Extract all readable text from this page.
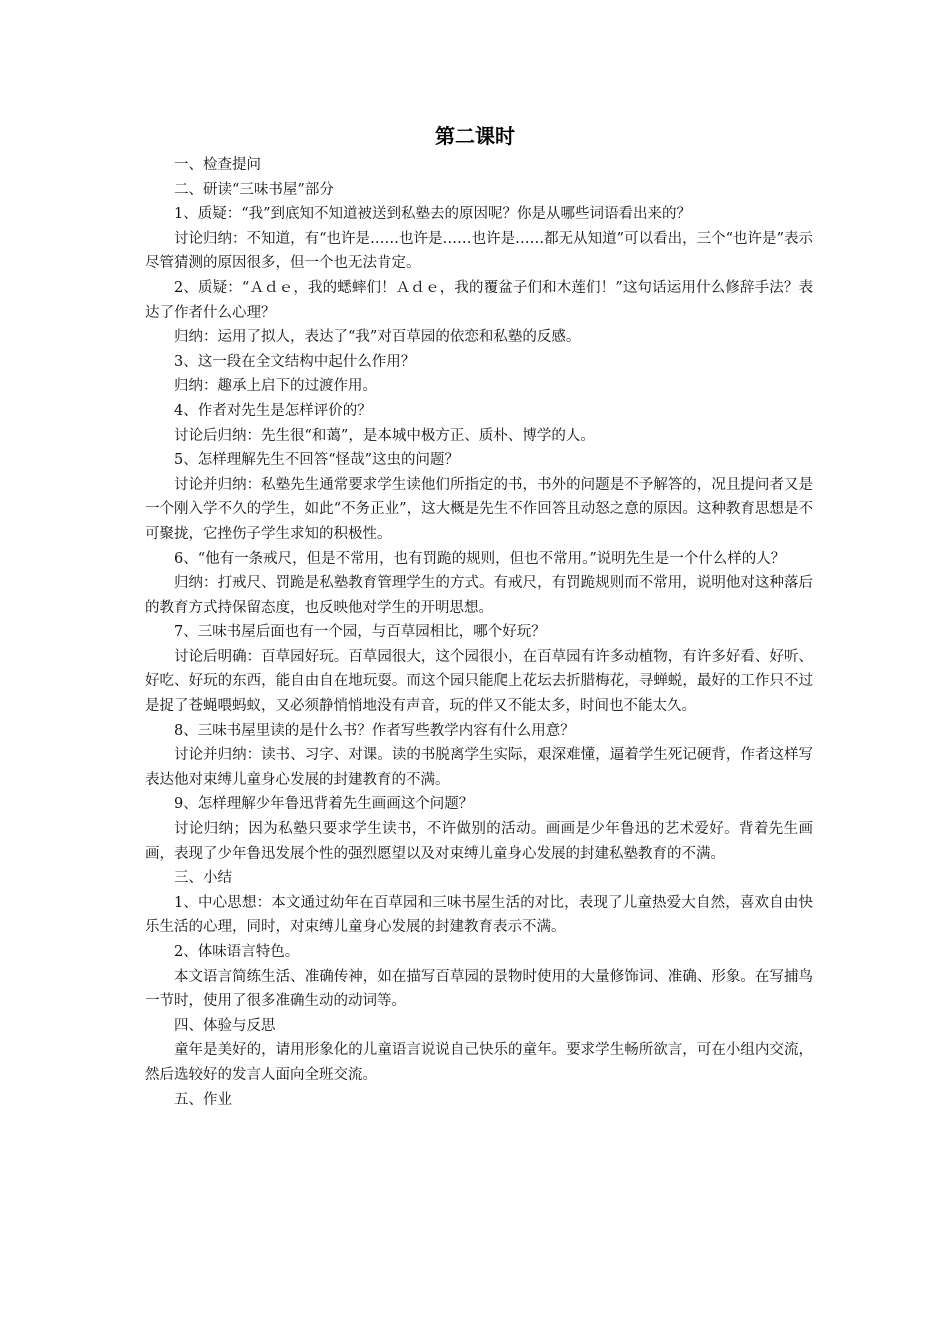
第二课时

一、检查提问

二、研读“三味书屋”部分

1、质疑：“我”到底知不知道被送到私塾去的原因呢？你是从哪些词语看出来的？

讨论归纳：不知道，有“也许是……也许是……也许是……都无从知道”可以看出，三个“也许是”表示尽管猜测的原因很多，但一个也无法肯定。

2、质疑：“Ａｄｅ，我的蟋蟀们！Ａｄｅ，我的覆盆子们和木莲们！”这句话运用什么修辞手法？表达了作者什么心理？

归纳：运用了拟人，表达了“我”对百草园的依恋和私塾的反感。

3、这一段在全文结构中起什么作用？

归纳：趣承上启下的过渡作用。

4、作者对先生是怎样评价的？

讨论后归纳：先生很“和蔼”，是本城中极方正、质朴、博学的人。

5、怎样理解先生不回答“怪哉”这虫的问题？

讨论并归纳：私塾先生通常要求学生读他们所指定的书，书外的问题是不予解答的，况且提问者又是一个刚入学不久的学生，如此“不务正业”，这大概是先生不作回答且动怒之意的原因。这种教育思想是不可聚拢，它挫伤子学生求知的积极性。

6、“他有一条戒尺，但是不常用，也有罚跪的规则，但也不常用。”说明先生是一个什么样的人？

归纳：打戒尺、罚跪是私塾教育管理学生的方式。有戒尺，有罚跪规则而不常用，说明他对这种落后的教育方式持保留态度，也反映他对学生的开明思想。

7、三味书屋后面也有一个园，与百草园相比，哪个好玩？

讨论后明确：百草园好玩。百草园很大，这个园很小，在百草园有许多动植物，有许多好看、好听、好吃、好玩的东西，能自由自在地玩耍。而这个园只能爬上花坛去折腊梅花，寻蝉蜕，最好的工作只不过是捉了苍蝇喂蚂蚁，又必须静悄悄地没有声音，玩的伴又不能太多，时间也不能太久。

8、三味书屋里读的是什么书？作者写些教学内容有什么用意？

讨论并归纳：读书、习字、对课。读的书脱离学生实际，艰深难懂，逼着学生死记硬背，作者这样写表达他对束缚儿童身心发展的封建教育的不满。

9、怎样理解少年鲁迅背着先生画画这个问题？

讨论归纳；因为私塾只要求学生读书，不许做别的活动。画画是少年鲁迅的艺术爱好。背着先生画画，表现了少年鲁迅发展个性的强烈愿望以及对束缚儿童身心发展的封建私塾教育的不满。

三、小结

1、中心思想：本文通过幼年在百草园和三味书屋生活的对比，表现了儿童热爱大自然，喜欢自由快乐生活的心理，同时，对束缚儿童身心发展的封建教育表示不满。

2、体味语言特色。

本文语言简练生活、准确传神，如在描写百草园的景物时使用的大量修饰词、准确、形象。在写捕鸟一节时，使用了很多准确生动的动词等。

四、体验与反思

童年是美好的，请用形象化的儿童语言说说自己快乐的童年。要求学生畅所欲言，可在小组内交流，然后选较好的发言人面向全班交流。

五、作业
